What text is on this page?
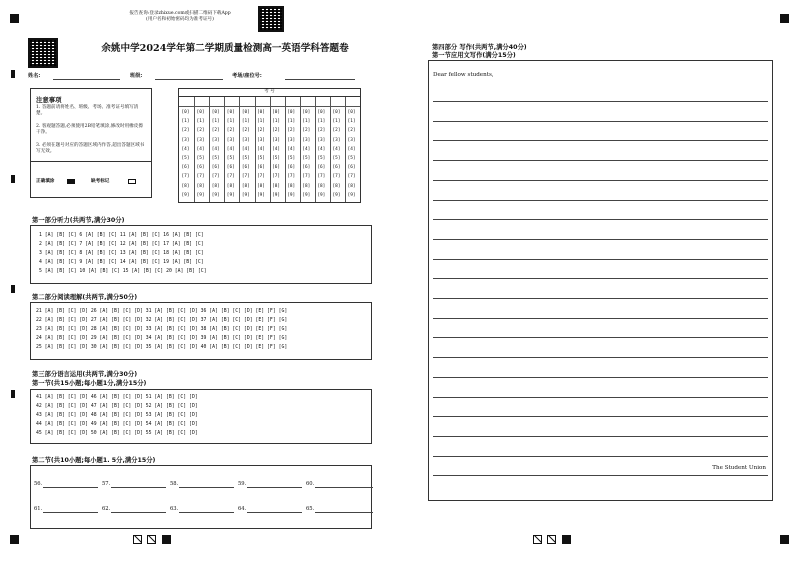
报告查询:登录zhixue.com或扫描二维码下载App
(用户名和初始密码均为准考证号)
余姚中学2024学年第二学期质量检测高一英语学科答题卷
姓名:	班级:	考场/座位号:
注意事项
1. 答题前请将姓名、班级、考场、准考证号填写清楚。
2. 客观题答题,必须使用2B铅笔填涂,修改时用橡皮擦干净。
3. 必须在题号对应的答题区域内作答,超出答题区域书写无效。
正确填涂	缺考标记
考 号
[0] [0] [0] [0] [0] [0] [0] [0] [0] [0] [0] [0]
[1] [1] [1] [1] [1] [1] [1] [1] [1] [1] [1] [1]
[2] [2] [2] [2] [2] [2] [2] [2] [2] [2] [2] [2]
[3] [3] [3] [3] [3] [3] [3] [3] [3] [3] [3] [3]
[4] [4] [4] [4] [4] [4] [4] [4] [4] [4] [4] [4]
[5] [5] [5] [5] [5] [5] [5] [5] [5] [5] [5] [5]
[6] [6] [6] [6] [6] [6] [6] [6] [6] [6] [6] [6]
[7] [7] [7] [7] [7] [7] [7] [7] [7] [7] [7] [7]
[8] [8] [8] [8] [8] [8] [8] [8] [8] [8] [8] [8]
[9] [9] [9] [9] [9] [9] [9] [9] [9] [9] [9] [9]
第一部分听力(共两节,满分30分)
1 [A] [B] [C] 6 [A] [B] [C] 11 [A] [B] [C] 16 [A] [B] [C]
2 [A] [B] [C] 7 [A] [B] [C] 12 [A] [B] [C] 17 [A] [B] [C]
3 [A] [B] [C] 8 [A] [B] [C] 13 [A] [B] [C] 18 [A] [B] [C]
4 [A] [B] [C] 9 [A] [B] [C] 14 [A] [B] [C] 19 [A] [B] [C]
5 [A] [B] [C] 10 [A] [B] [C] 15 [A] [B] [C] 20 [A] [B] [C]
第二部分阅读理解(共两节,满分50分)
21 [A] [B] [C] [D] 26 [A] [B] [C] [D] 31 [A] [B] [C] [D] 36 [A] [B] [C] [D] [E] [F] [G]
22 [A] [B] [C] [D] 27 [A] [B] [C] [D] 32 [A] [B] [C] [D] 37 [A] [B] [C] [D] [E] [F] [G]
23 [A] [B] [C] [D] 28 [A] [B] [C] [D] 33 [A] [B] [C] [D] 38 [A] [B] [C] [D] [E] [F] [G]
24 [A] [B] [C] [D] 29 [A] [B] [C] [D] 34 [A] [B] [C] [D] 39 [A] [B] [C] [D] [E] [F] [G]
25 [A] [B] [C] [D] 30 [A] [B] [C] [D] 35 [A] [B] [C] [D] 40 [A] [B] [C] [D] [E] [F] [G]
第三部分语言运用(共两节,满分30分)
第一节(共15小题;每小题1分,满分15分)
41 [A] [B] [C] [D] 46 [A] [B] [C] [D] 51 [A] [B] [C] [D]
42 [A] [B] [C] [D] 47 [A] [B] [C] [D] 52 [A] [B] [C] [D]
43 [A] [B] [C] [D] 48 [A] [B] [C] [D] 53 [A] [B] [C] [D]
44 [A] [B] [C] [D] 49 [A] [B] [C] [D] 54 [A] [B] [C] [D]
45 [A] [B] [C] [D] 50 [A] [B] [C] [D] 55 [A] [B] [C] [D]
第二节(共10小题;每小题1. 5分,满分15分)
56.	57.	58.	59.	60.
61.	62.	63.	64.	65.
第四部分 写作(共两节,满分40分)
第一节应用文写作(满分15分)
Dear fellow students,
The Student Union
